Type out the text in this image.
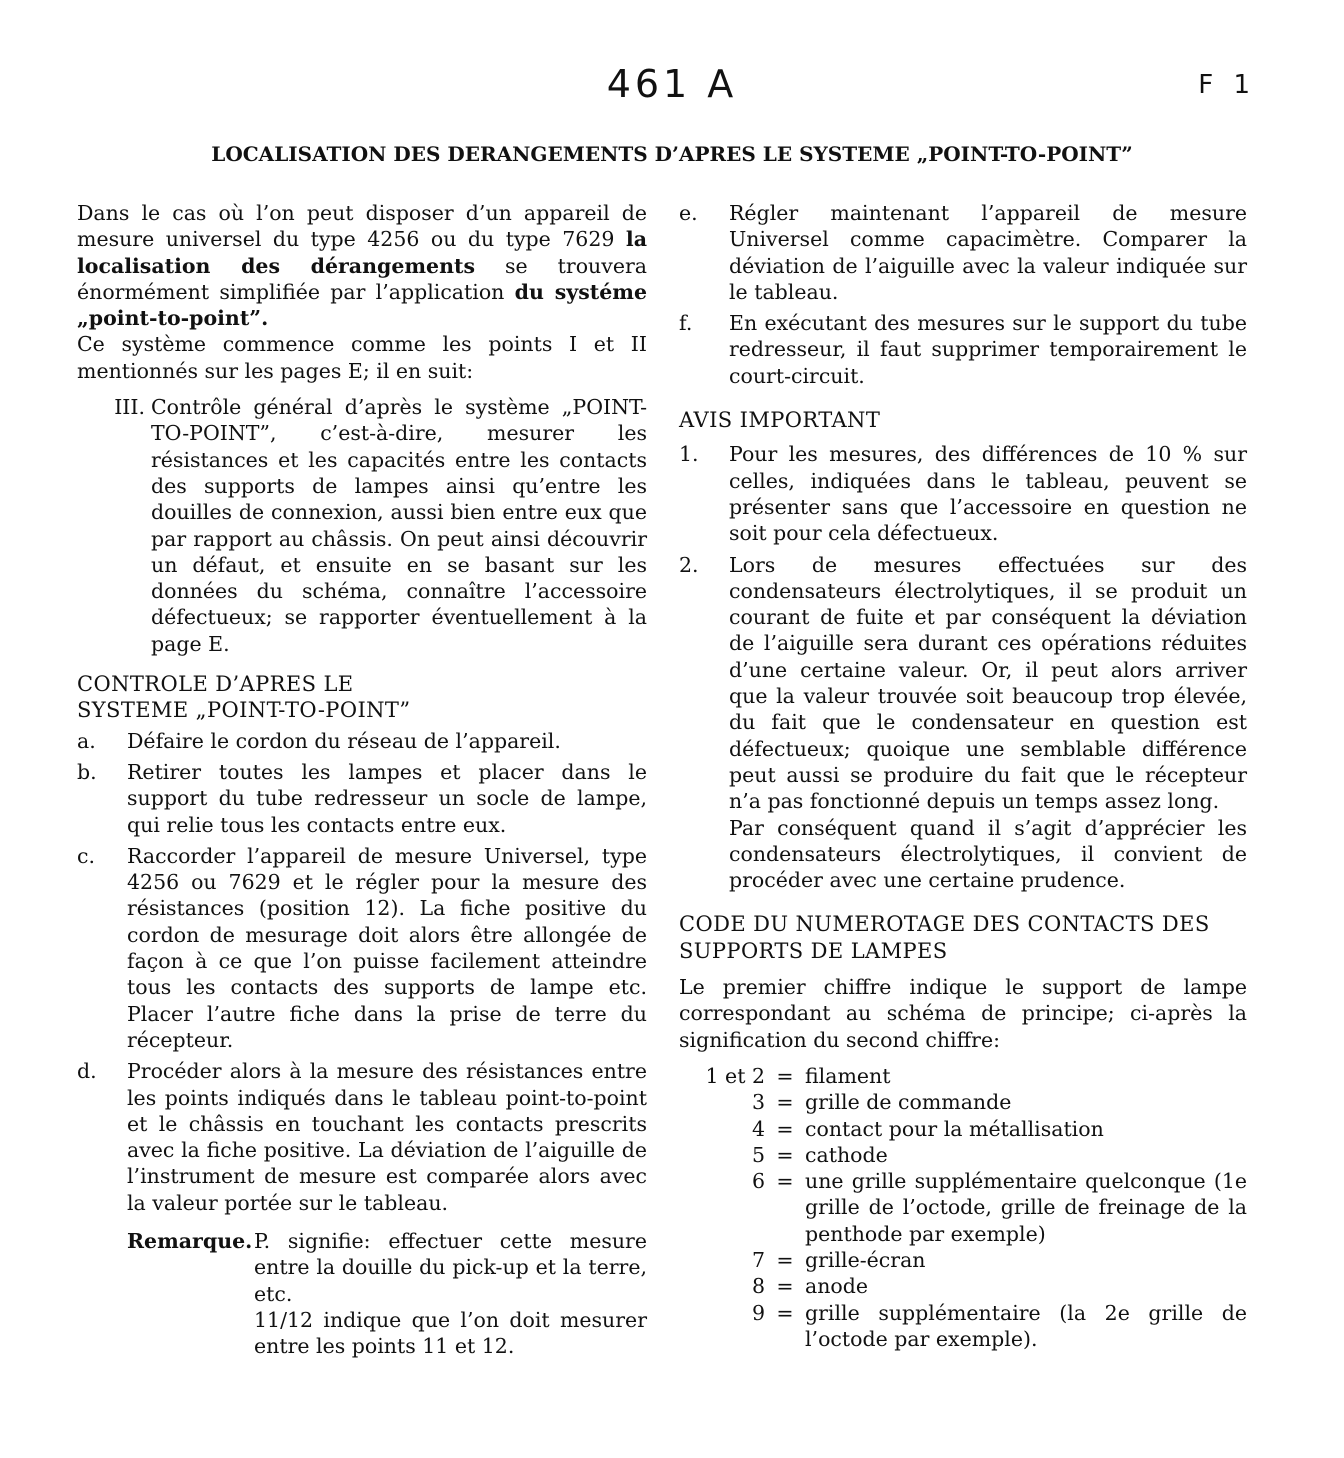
461 A	F 1
LOCALISATION DES DERANGEMENTS D’APRES LE SYSTEME „POINT-TO-POINT”

Dans le cas où l’on peut disposer d’un appareil de mesure universel du type 4256 ou du type 7629 la localisation des dérangements se trouvera énormément simplifiée par l’application du systéme „point-to-point”.

Ce système commence comme les points I et II mentionnés sur les pages E; il en suit:

III. Contrôle général d’après le système „POINT-TO-POINT”, c’est-à-dire, mesurer les résistances et les capacités entre les contacts des supports de lampes ainsi qu’entre les douilles de connexion, aussi bien entre eux que par rapport au châssis. On peut ainsi découvrir un défaut, et ensuite en se basant sur les données du schéma, connaître l’accessoire défectueux; se rapporter éventuellement à la page E.

CONTROLE D’APRES LE

SYSTEME „POINT-TO-POINT”

a.	Défaire le cordon du réseau de l’appareil.
b.	Retirer toutes les lampes et placer dans le support du tube redresseur un socle de lampe, qui relie tous les contacts entre eux.
c.	Raccorder l’appareil de mesure Universel, type 4256 ou 7629 et le régler pour la mesure des résistances (position 12). La fiche positive du cordon de mesurage doit alors être allongée de façon à ce que l’on puisse facilement atteindre tous les contacts des supports de lampe etc. Placer l’autre fiche dans la prise de terre du récepteur.
d.	Procéder alors à la mesure des résistances entre les points indiqués dans le tableau point-to-point et le châssis en touchant les contacts prescrits avec la fiche positive. La déviation de l’aiguille de l’instrument de mesure est comparée alors avec la valeur portée sur le tableau.
Remarque. P. signifie: effectuer cette mesure entre la douille du pick-up et la terre, etc.

11/12 indique que l’on doit mesurer entre les points 11 et 12.

e.	Régler maintenant l’appareil de mesure Universel comme capacimètre. Comparer la déviation de l’aiguille avec la valeur indiquée sur le tableau.
f.	En exécutant des mesures sur le support du tube redresseur, il faut supprimer temporairement le court-circuit.

AVIS IMPORTANT

1.	Pour les mesures, des différences de 10 % sur celles, indiquées dans le tableau, peuvent se présenter sans que l’accessoire en question ne soit pour cela défectueux.
2.	Lors de mesures effectuées sur des condensateurs électrolytiques, il se produit un courant de fuite et par conséquent la déviation de l’aiguille sera durant ces opérations réduites d’une certaine valeur. Or, il peut alors arriver que la valeur trouvée soit beaucoup trop élevée, du fait que le condensateur en question est défectueux; quoique une semblable différence peut aussi se produire du fait que le récepteur n’a pas fonctionné depuis un temps assez long.

Par conséquent quand il s’agit d’apprécier les condensateurs électrolytiques, il convient de procéder avec une certaine prudence.

CODE DU NUMEROTAGE DES CONTACTS DES SUPPORTS DE LAMPES

Le premier chiffre indique le support de lampe correspondant au schéma de principe; ci-après la signification du second chiffre:

1 et 2 = filament
3 = grille de commande
4 = contact pour la métallisation
5 = cathode
6 = une grille supplémentaire quelconque (1e grille de l’octode, grille de freinage de la penthode par exemple)
7 = grille-écran
8 = anode
9 = grille supplémentaire (la 2e grille de l’octode par exemple).
